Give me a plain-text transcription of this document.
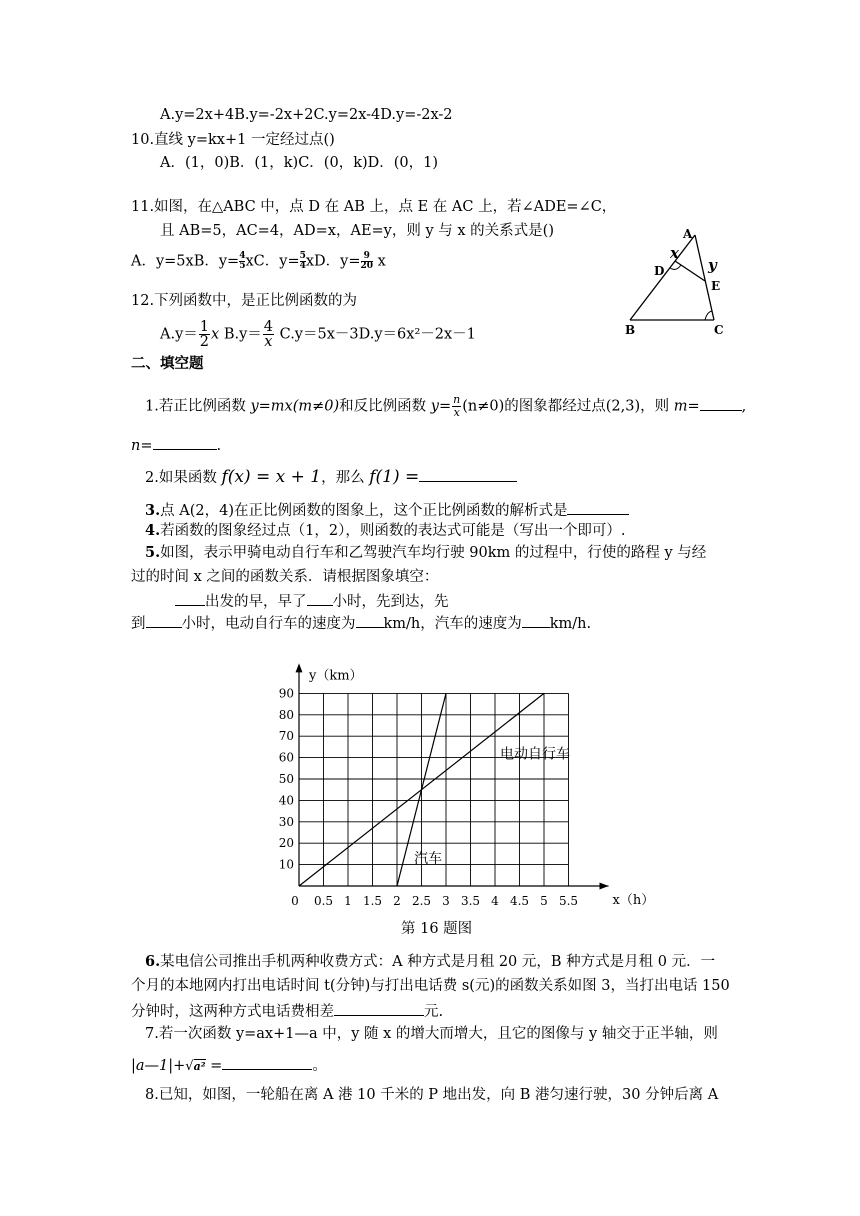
A.y=2x+4B.y=-2x+2C.y=2x-4D.y=-2x-2
10.直线 y=kx+1 一定经过点()
A．(1，0)B．(1，k)C．(0，k)D．(0，1)
11.如图，在△ABC 中，点 D 在 AB 上，点 E 在 AC 上，若∠ADE=∠C，
且 AB=5，AC=4，AD=x，AE=y，则 y 与 x 的关系式是()
A．y=5xB．$y= \frac{4}{5}xC$．$y= \frac{5}{4}xD$．$y= \frac{9}{20}$ x
A
D
E
B	C
x
y
12.下列函数中，是正比例函数的为
$A.y= \frac{1}{2}$ x $B.y= \frac{4}{x} C.y=5x-3D.y=6x^2-2x-1$
二、填空题
1.若正比例函数 y=mx(m≠0)和反比例函数 $y= \frac{n}{x} (n\ne 0)$的图象都经过点(2,3)，则 m=	,
n=	.
2.如果函数 f(x) = x + 1，那么 f(1) =
3.点 A(2，4)在正比例函数的图象上，这个正比例函数的解析式是
4.若函数的图象经过点（1，2），则函数的表达式可能是（写出一个即可）.
5.如图，表示甲骑电动自行车和乙驾驶汽车均行驶 90km 的过程中，行使的路程 y 与经
过的时间 x 之间的函数关系．请根据图象填空：
出发的早，早了 小时，先到达，先
到 小时，电动自行车的速度为 km/h，汽车的速度为 km/h.
0 0.5 1 1.5 2 2.5 3 3.5 4 4.5 5 5.5
10
20
30
40
50
60
70
80
90
y（km）
x（h）
电动自行车
汽车
第 16 题图
6.某电信公司推出手机两种收费方式：A 种方式是月租 20 元，B 种方式是月租 0 元．一
个月的本地网内打出电话时间 t(分钟)与打出电话费 s(元)的函数关系如图 3，当打出电话 150
分钟时，这两种方式电话费相差	元.
7.若一次函数 y=ax+1—a 中，y 随 x 的增大而增大，且它的图像与 y 轴交于正半轴，则
|a—1|+√a² =	。
8.已知，如图，一轮船在离 A 港 10 千米的 P 地出发，向 B 港匀速行驶，30 分钟后离 A
